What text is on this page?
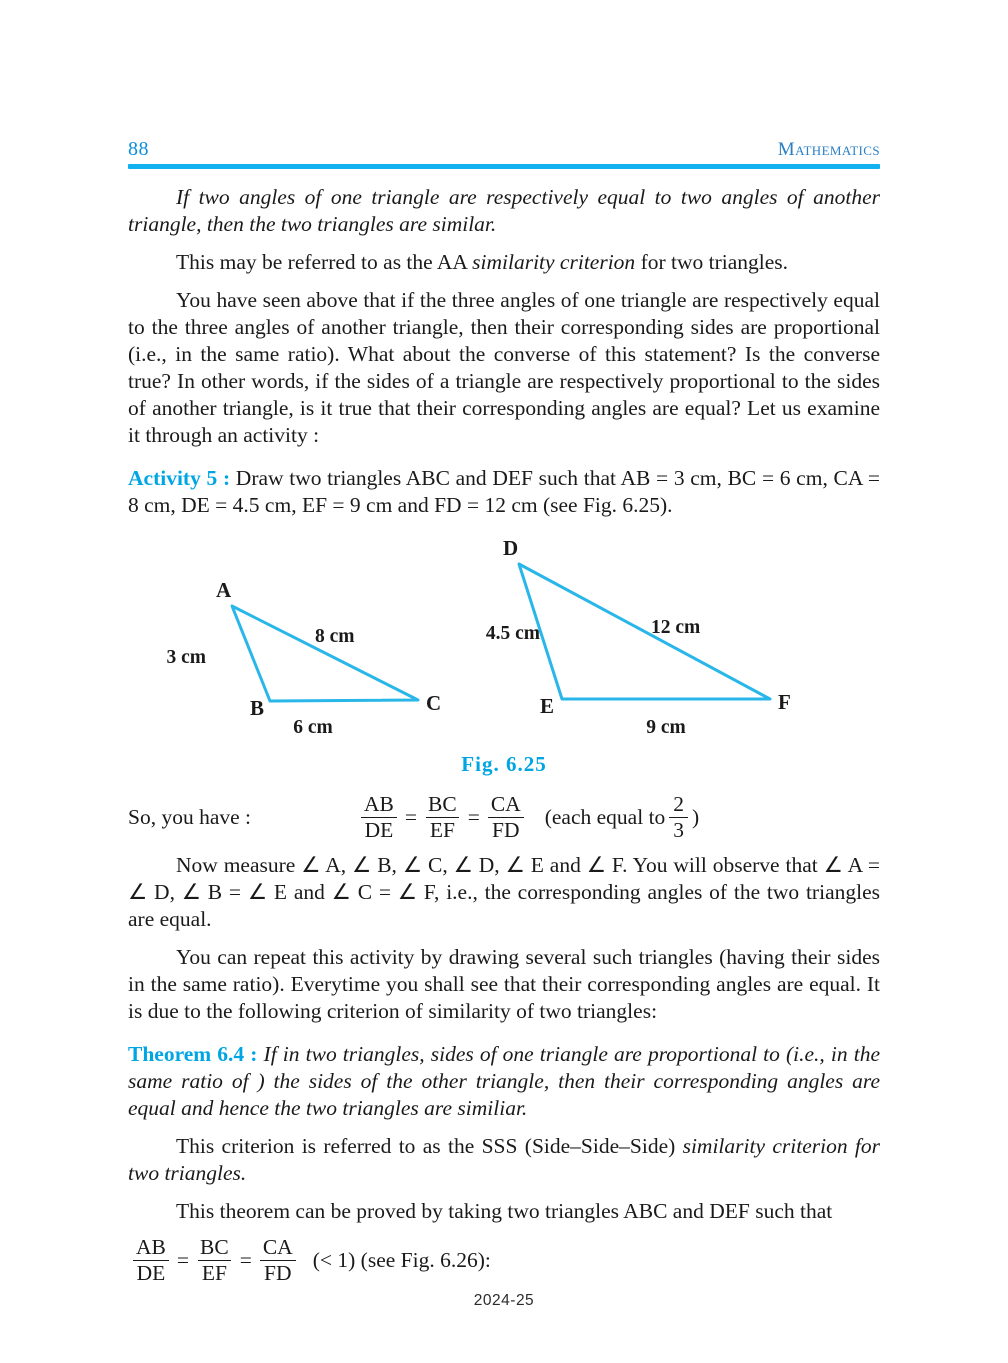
88	Mathematics

If two angles of one triangle are respectively equal to two angles of another triangle, then the two triangles are similar.

This may be referred to as the AA similarity criterion for two triangles.

You have seen above that if the three angles of one triangle are respectively equal to the three angles of another triangle, then their corresponding sides are proportional (i.e., in the same ratio). What about the converse of this statement? Is the converse true? In other words, if the sides of a triangle are respectively proportional to the sides of another triangle, is it true that their corresponding angles are equal? Let us examine it through an activity :

Activity 5 : Draw two triangles ABC and DEF such that AB = 3 cm, BC = 6 cm, CA = 8 cm, DE = 4.5 cm, EF = 9 cm and FD = 12 cm (see Fig. 6.25).

A
B	C
3 cm
8 cm
6 cm
D
E	F
4.5 cm	12 cm
9 cm
Fig. 6.25
So, you have :	$\frac{AB}{DE} = \frac{BC}{EF} = \frac{CA}{FD}$ (each equal to $\frac{2}{3}$ )

Now measure ∠ A, ∠ B, ∠ C, ∠ D, ∠ E and ∠ F. You will observe that ∠ A = ∠ D, ∠ B = ∠ E and ∠ C = ∠ F, i.e., the corresponding angles of the two triangles are equal.

You can repeat this activity by drawing several such triangles (having their sides in the same ratio). Everytime you shall see that their corresponding angles are equal. It is due to the following criterion of similarity of two triangles:

Theorem 6.4 : If in two triangles, sides of one triangle are proportional to (i.e., in the same ratio of ) the sides of the other triangle, then their corresponding angles are equal and hence the two triangles are similiar.

This criterion is referred to as the SSS (Side–Side–Side) similarity criterion for two triangles.

This theorem can be proved by taking two triangles ABC and DEF such that

$\frac{AB}{DE} = \frac{BC}{EF} = \frac{CA}{FD}$ (< 1) (see Fig. 6.26):
2024-25
